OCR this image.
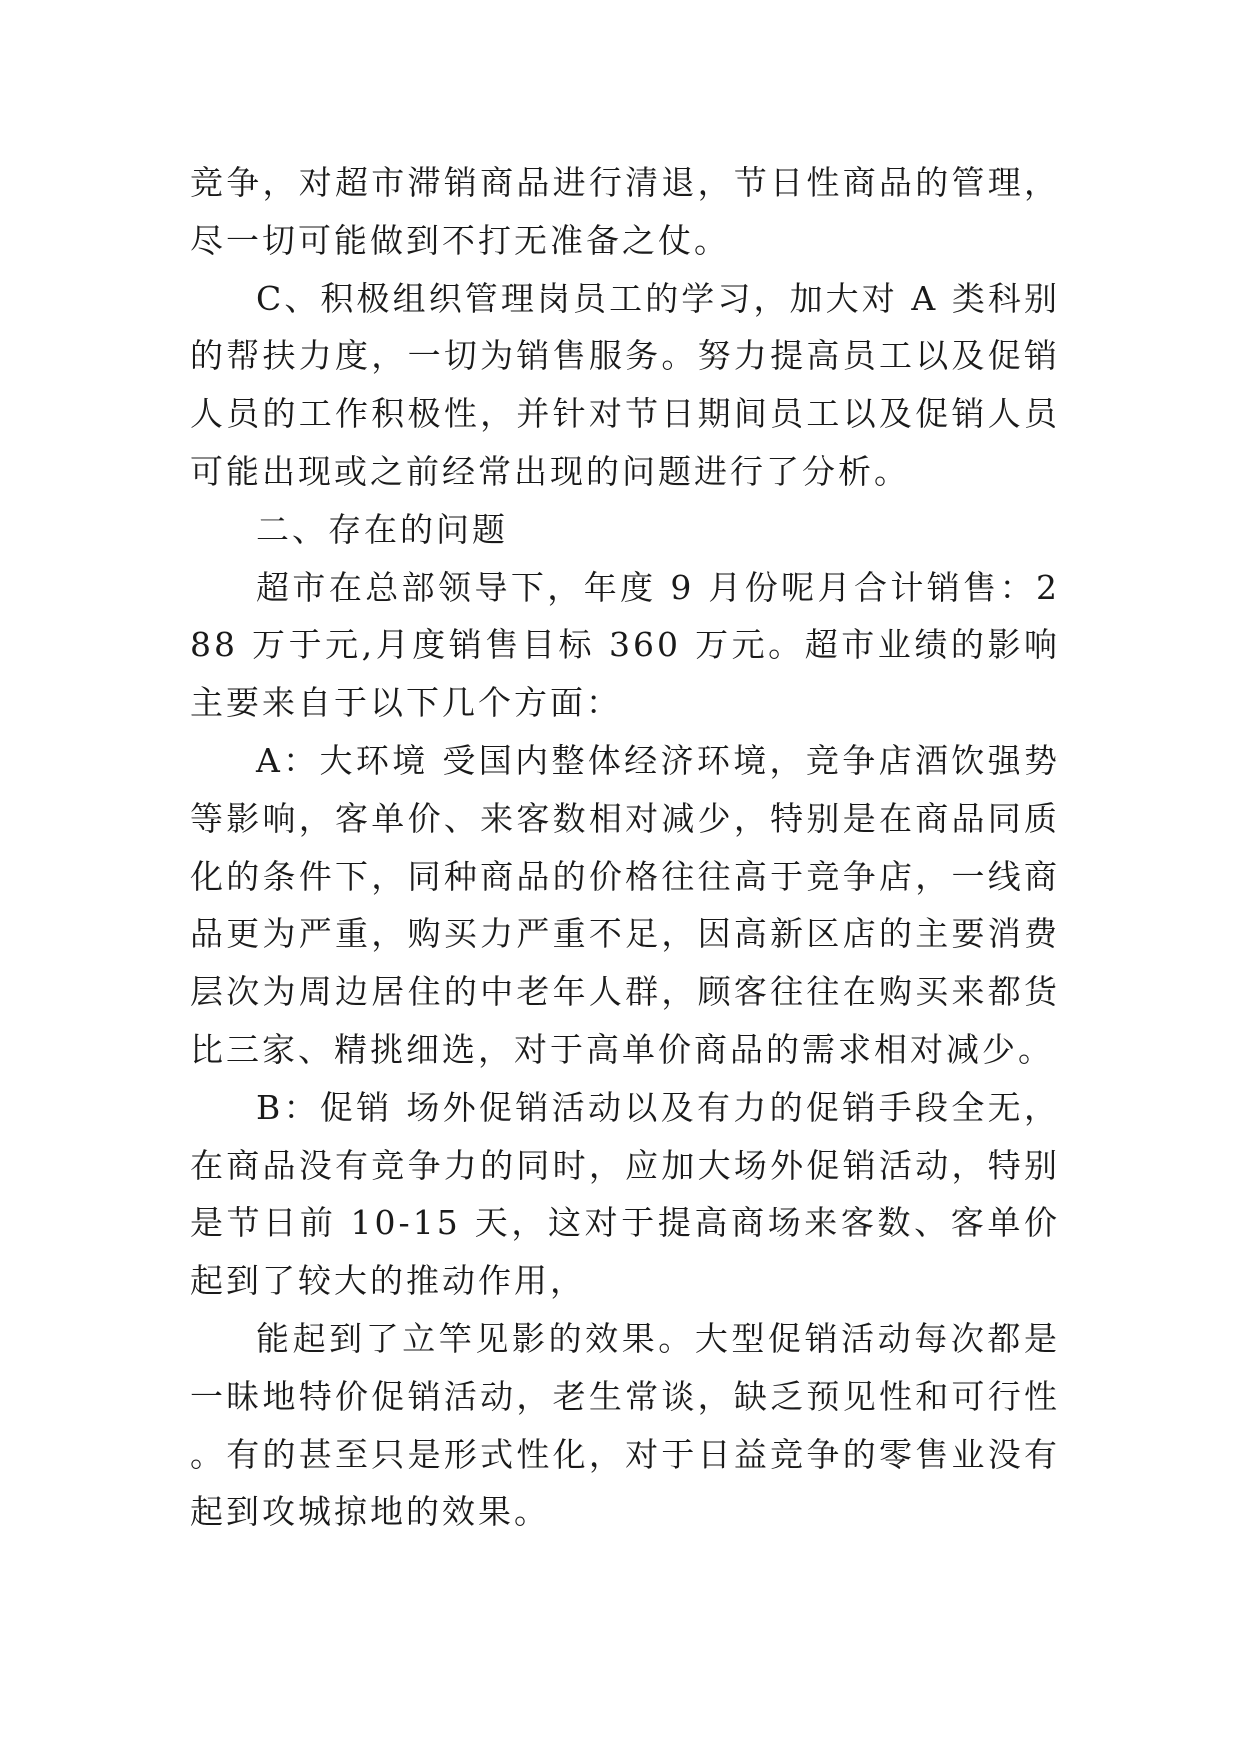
竞争，对超市滞销商品进行清退，节日性商品的管理，尽一切可能做到不打无准备之仗。

C、积极组织管理岗员工的学习，加大对 A 类科别的帮扶力度，一切为销售服务。努力提高员工以及促销人员的工作积极性，并针对节日期间员工以及促销人员可能出现或之前经常出现的问题进行了分析。

二、存在的问题

超市在总部领导下，年度 9 月份呢月合计销售：288 万于元,月度销售目标 360 万元。超市业绩的影响主要来自于以下几个方面：

A：大环境 受国内整体经济环境，竞争店酒饮强势等影响，客单价、来客数相对减少，特别是在商品同质化的条件下，同种商品的价格往往高于竞争店，一线商品更为严重，购买力严重不足，因高新区店的主要消费层次为周边居住的中老年人群，顾客往往在购买来都货比三家、精挑细选，对于高单价商品的需求相对减少。

B：促销 场外促销活动以及有力的促销手段全无，在商品没有竞争力的同时，应加大场外促销活动，特别是节日前 10-15 天，这对于提高商场来客数、客单价起到了较大的推动作用，

能起到了立竿见影的效果。大型促销活动每次都是一昧地特价促销活动，老生常谈，缺乏预见性和可行性。有的甚至只是形式性化，对于日益竞争的零售业没有起到攻城掠地的效果。
